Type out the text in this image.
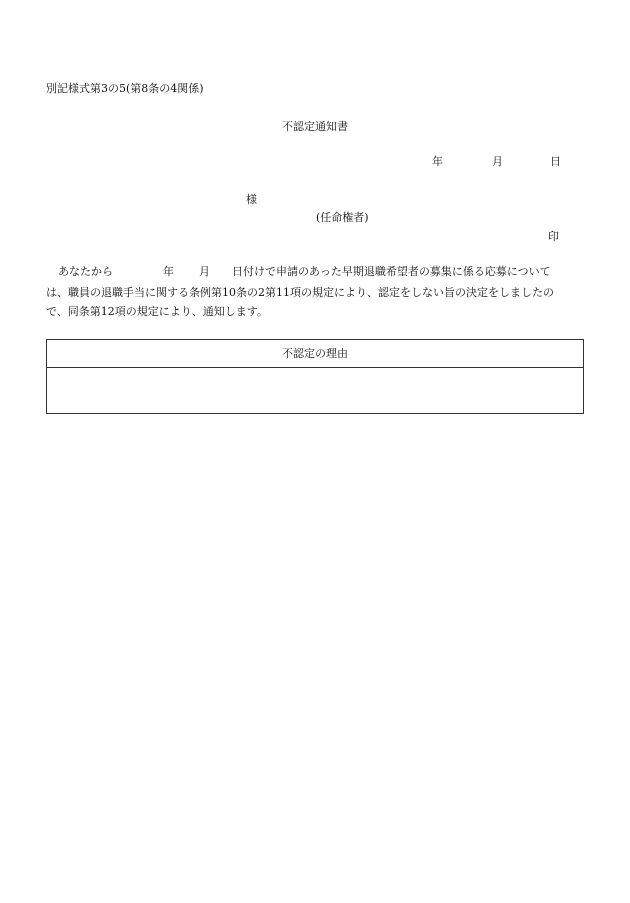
別記様式第3の5(第8条の4関係)
不認定通知書
年	月	日
様
(任命権者)
印
あなたから	年 月 日付けで申請のあった早期退職希望者の募集に係る応募について
は、職員の退職手当に関する条例第10条の2第11項の規定により、認定をしない旨の決定をしましたの
で、同条第12項の規定により、通知します。
不認定の理由
